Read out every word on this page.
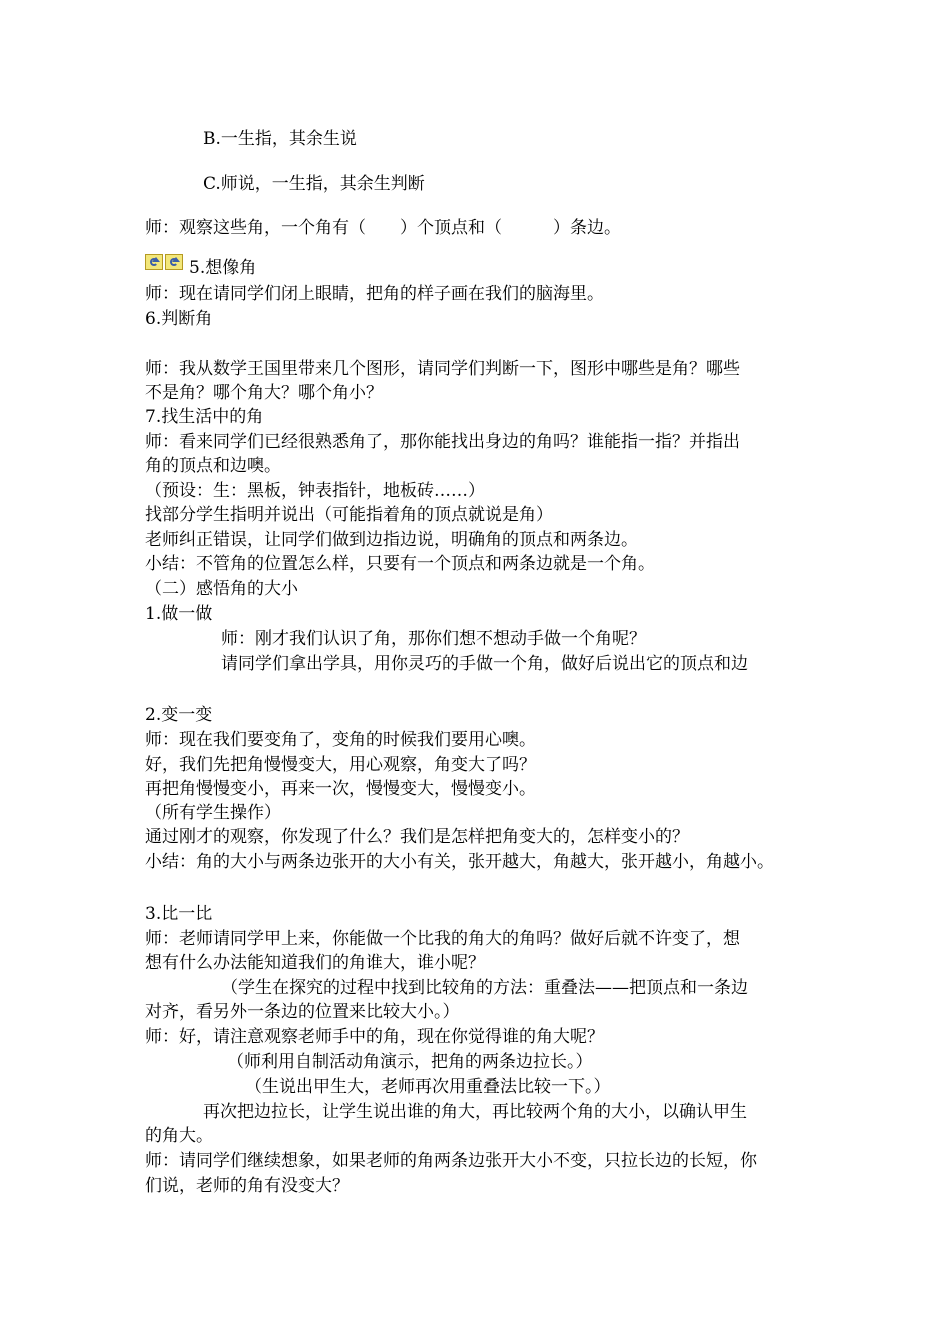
B.一生指，其余生说
C.师说，一生指，其余生判断
师：观察这些角，一个角有（　　）个顶点和（　　　）条边。
5.想像角
师：现在请同学们闭上眼睛，把角的样子画在我们的脑海里。
6.判断角
师：我从数学王国里带来几个图形，请同学们判断一下，图形中哪些是角？哪些
不是角？哪个角大？哪个角小？
7.找生活中的角
师：看来同学们已经很熟悉角了，那你能找出身边的角吗？谁能指一指？并指出
角的顶点和边噢。
（预设：生：黑板，钟表指针，地板砖……）
找部分学生指明并说出（可能指着角的顶点就说是角）
老师纠正错误，让同学们做到边指边说，明确角的顶点和两条边。
小结：不管角的位置怎么样，只要有一个顶点和两条边就是一个角。
（二）感悟角的大小
1.做一做
师：刚才我们认识了角，那你们想不想动手做一个角呢？
请同学们拿出学具，用你灵巧的手做一个角，做好后说出它的顶点和边
2.变一变
师：现在我们要变角了，变角的时候我们要用心噢。
好，我们先把角慢慢变大，用心观察，角变大了吗？
再把角慢慢变小，再来一次，慢慢变大，慢慢变小。
（所有学生操作）
通过刚才的观察，你发现了什么？我们是怎样把角变大的，怎样变小的？
小结：角的大小与两条边张开的大小有关，张开越大，角越大，张开越小，角越小。
3.比一比
师：老师请同学甲上来，你能做一个比我的角大的角吗？做好后就不许变了，想
想有什么办法能知道我们的角谁大，谁小呢？
（学生在探究的过程中找到比较角的方法：重叠法——把顶点和一条边
对齐，看另外一条边的位置来比较大小。）
师：好，请注意观察老师手中的角，现在你觉得谁的角大呢？
（师利用自制活动角演示，把角的两条边拉长。）
（生说出甲生大，老师再次用重叠法比较一下。）
再次把边拉长，让学生说出谁的角大，再比较两个角的大小，以确认甲生
的角大。
师：请同学们继续想象，如果老师的角两条边张开大小不变，只拉长边的长短，你
们说，老师的角有没变大？
